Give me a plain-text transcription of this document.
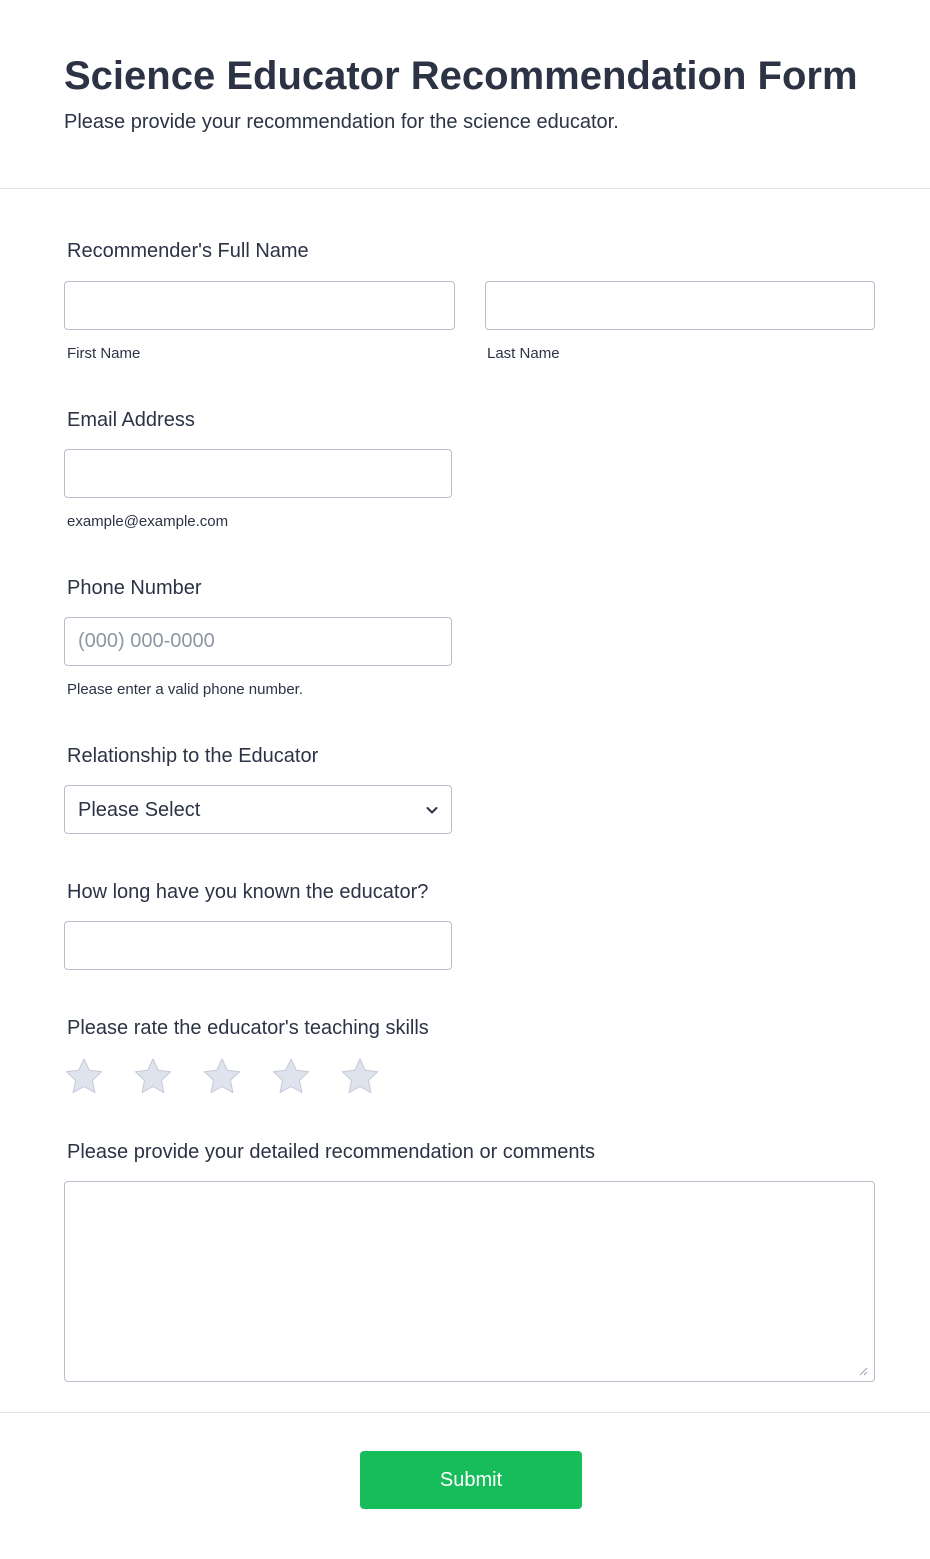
Science Educator Recommendation Form

Please provide your recommendation for the science educator.

Recommender's Full Name
First Name	Last Name
Email Address
example@example.com
Phone Number
(000) 000-0000
Please enter a valid phone number.
Relationship to the Educator
Please Select
How long have you known the educator?
Please rate the educator's teaching skills
Please provide your detailed recommendation or comments
Submit
